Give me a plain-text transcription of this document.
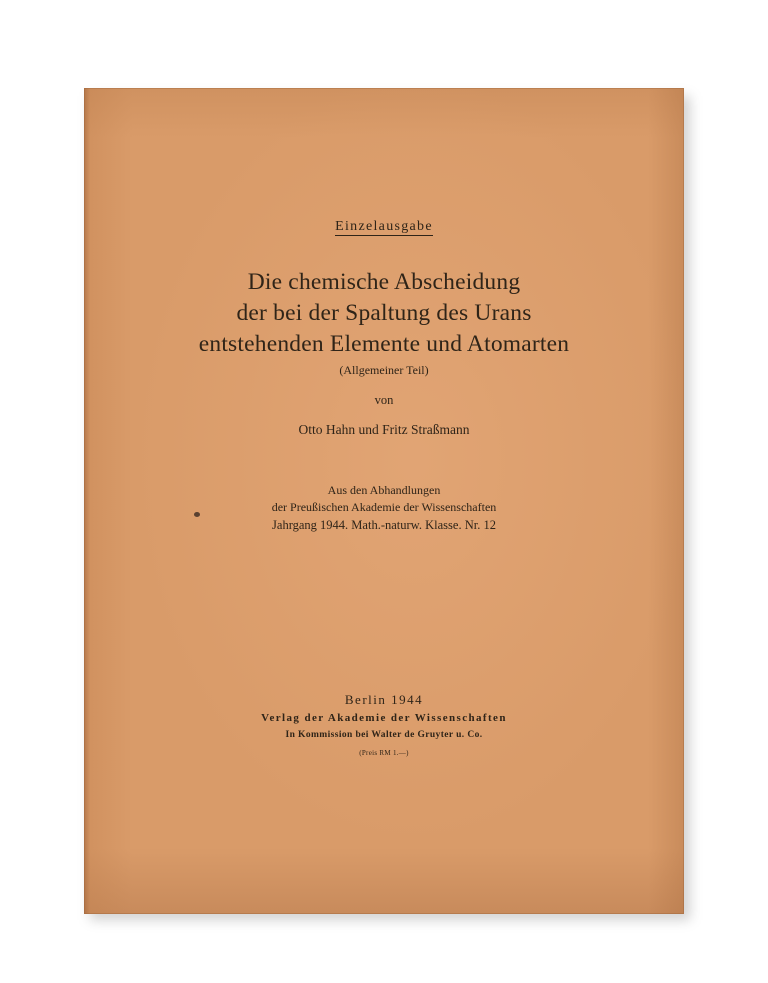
Einzelausgabe
Die chemische Abscheidung
der bei der Spaltung des Urans
entstehenden Elemente und Atomarten
(Allgemeiner Teil)
von
Otto Hahn und Fritz Straßmann
Aus den Abhandlungen
der Preußischen Akademie der Wissenschaften
Jahrgang 1944. Math.-naturw. Klasse. Nr. 12
Berlin 1944
Verlag der Akademie der Wissenschaften
In Kommission bei Walter de Gruyter u. Co.
(Preis RM 1.—)
